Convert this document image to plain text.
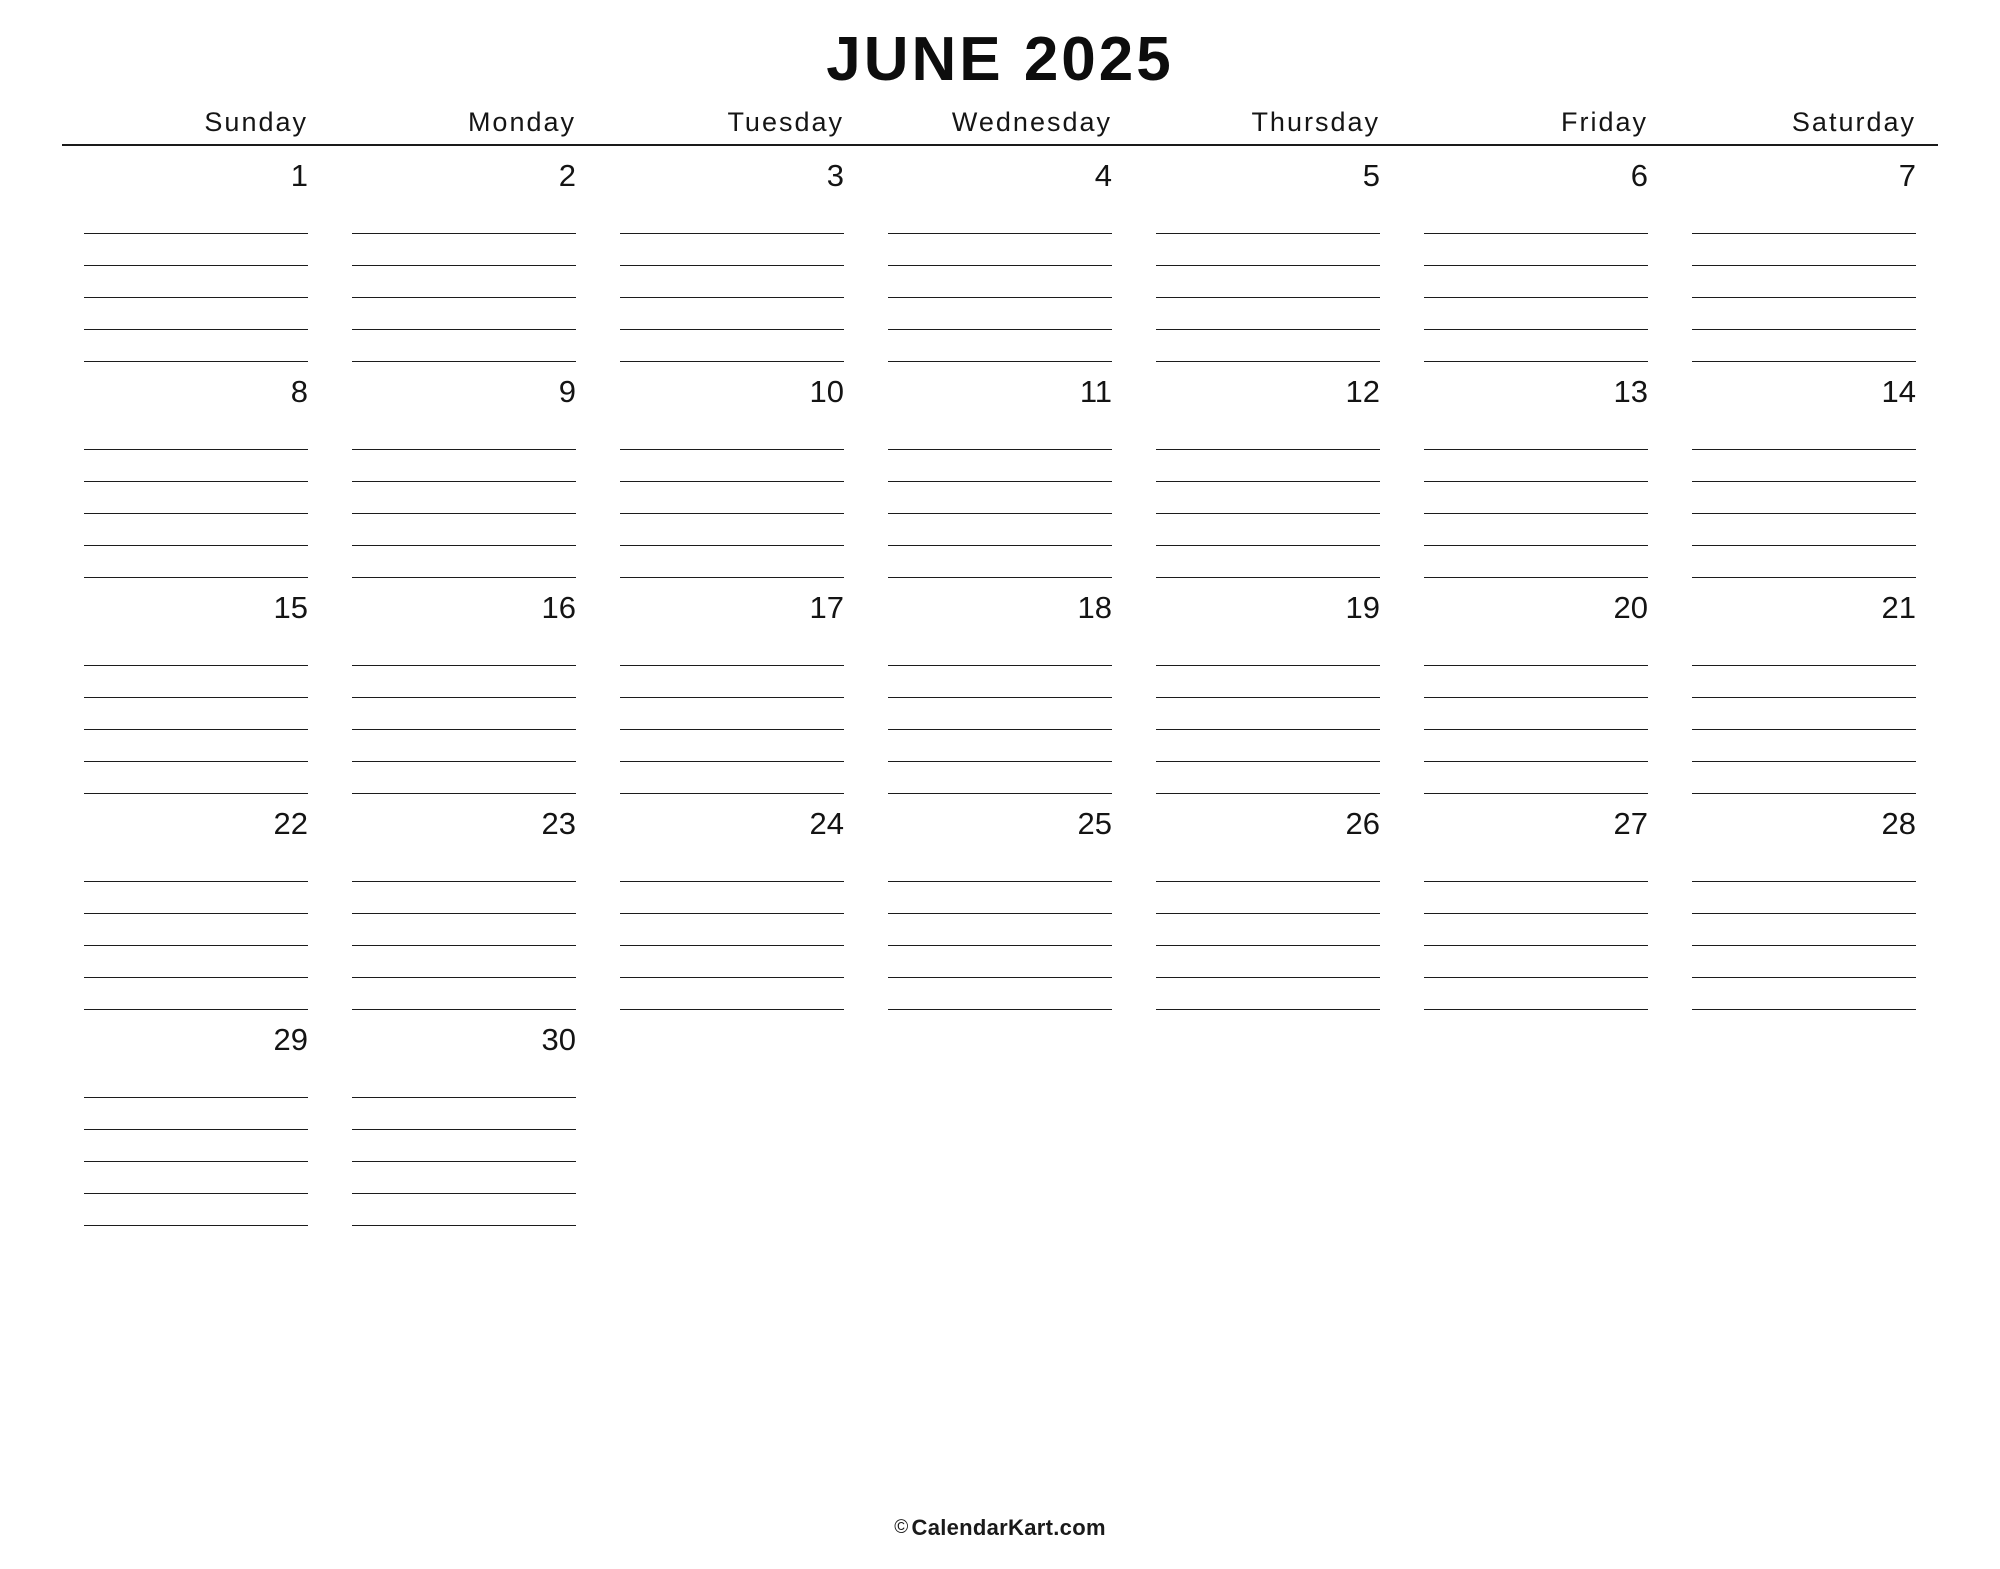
JUNE 2025
Sunday	Monday	Tuesday	Wednesday	Thursday	Friday	Saturday
1	2	3	4	5	6	7
8	9	10	11	12	13	14
15	16	17	18	19	20	21
22	23	24	25	26	27	28
29	30
© CalendarKart.com
